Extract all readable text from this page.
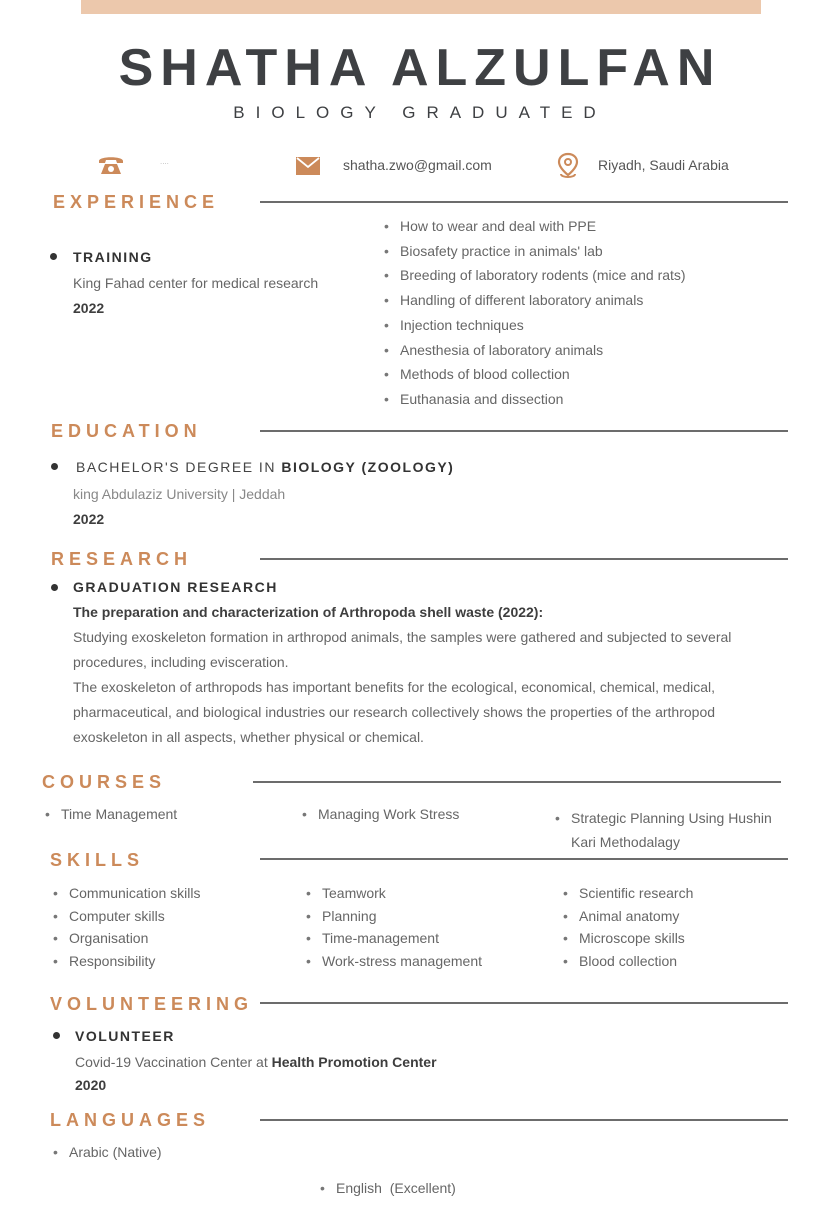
SHATHA ALZULFAN
BIOLOGY GRADUATED
....	shatha.zwo@gmail.com	Riyadh, Saudi Arabia
EXPERIENCE
TRAINING
King Fahad center for medical research
2022
• How to wear and deal with PPE
• Biosafety practice in animals' lab
• Breeding of laboratory rodents (mice and rats)
• Handling of different laboratory animals
• Injection techniques
• Anesthesia of laboratory animals
• Methods of blood collection
• Euthanasia and dissection
EDUCATION
BACHELOR'S DEGREE IN BIOLOGY (ZOOLOGY)
king Abdulaziz University | Jeddah
2022
RESEARCH
GRADUATION RESEARCH
The preparation and characterization of Arthropoda shell waste (2022):
Studying exoskeleton formation in arthropod animals, the samples were gathered and subjected to several procedures, including evisceration.
The exoskeleton of arthropods has important benefits for the ecological, economical, chemical, medical, pharmaceutical, and biological industries our research collectively shows the properties of the arthropod exoskeleton in all aspects, whether physical or chemical.
COURSES
• Time Management	• Managing Work Stress	• Strategic Planning Using Hushin Kari Methodalagy
SKILLS
• Communication skills
• Computer skills
• Organisation
• Responsibility
• Teamwork
• Planning
• Time-management
• Work-stress management
• Scientific research
• Animal anatomy
• Microscope skills
• Blood collection
VOLUNTEERING
VOLUNTEER
Covid-19 Vaccination Center at Health Promotion Center
2020
LANGUAGES
• Arabic (Native)

• English  (Excellent)
